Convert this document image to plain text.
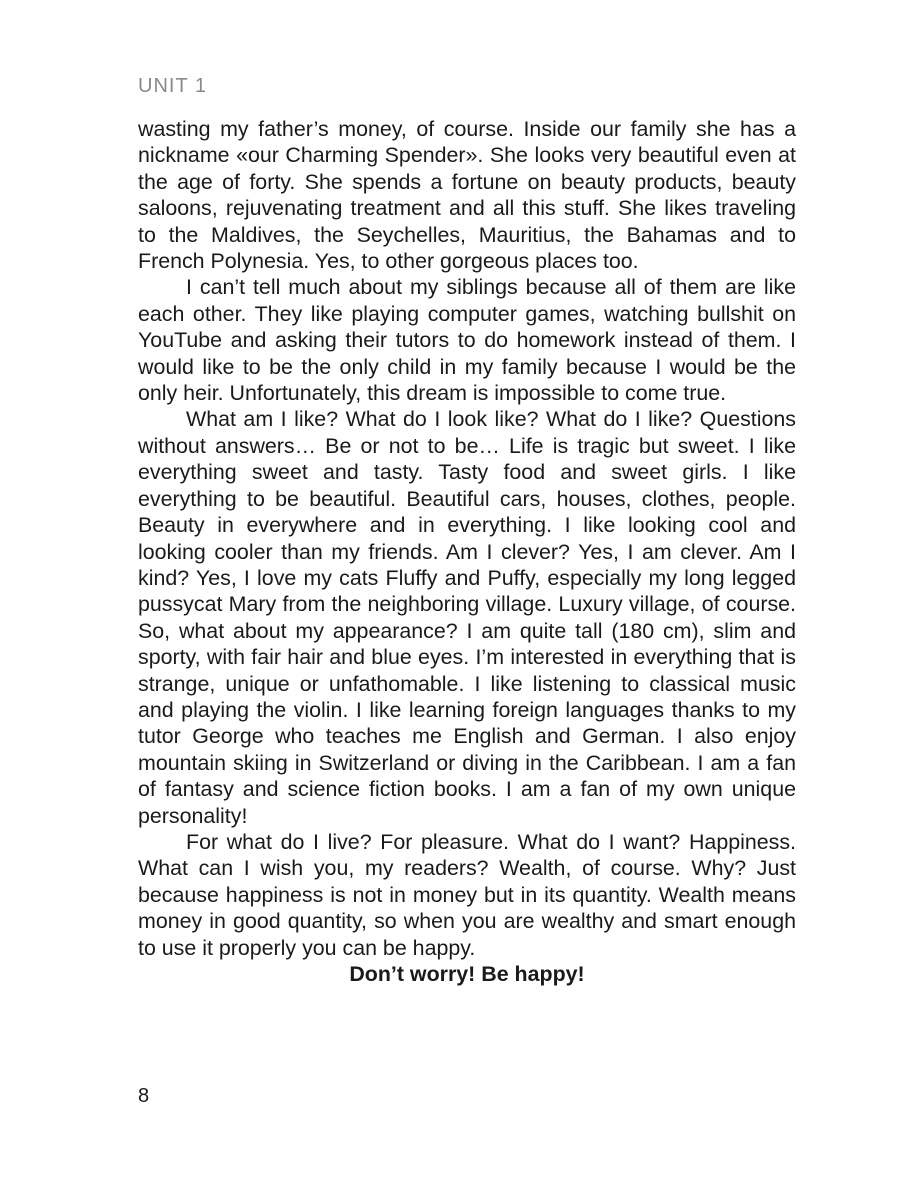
UNIT 1

wasting my father’s money, of course. Inside our family she has a nickname «our Charming Spender». She looks very beautiful even at the age of forty. She spends a fortune on beauty products, beauty saloons, rejuvenating treatment and all this stuff. She likes traveling to the Maldives, the Seychelles, Mauritius, the Bahamas and to French Polynesia. Yes, to other gorgeous places too.

I can’t tell much about my siblings because all of them are like each other. They like playing computer games, watching bullshit on YouTube and asking their tutors to do homework instead of them. I would like to be the only child in my family because I would be the only heir. Unfortunately, this dream is impossible to come true.

What am I like? What do I look like? What do I like? Questions without answers… Be or not to be… Life is tragic but sweet. I like everything sweet and tasty. Tasty food and sweet girls. I like everything to be beautiful. Beautiful cars, houses, clothes, people. Beauty in everywhere and in everything. I like looking cool and looking cooler than my friends. Am I clever? Yes, I am clever. Am I kind? Yes, I love my cats Fluffy and Puffy, especially my long legged pussycat Mary from the neighboring village. Luxury village, of course. So, what about my appearance? I am quite tall (180 cm), slim and sporty, with fair hair and blue eyes. I’m interested in everything that is strange, unique or unfathomable. I like listening to classical music and playing the violin. I like learning foreign languages thanks to my tutor George who teaches me English and German. I also enjoy mountain skiing in Switzerland or diving in the Caribbean. I am a fan of fantasy and science fiction books. I am a fan of my own unique personality!

For what do I live? For pleasure. What do I want? Happiness. What can I wish you, my readers? Wealth, of course. Why? Just because happiness is not in money but in its quantity. Wealth means money in good quantity, so when you are wealthy and smart enough to use it properly you can be happy.

Don’t worry! Be happy!

8
